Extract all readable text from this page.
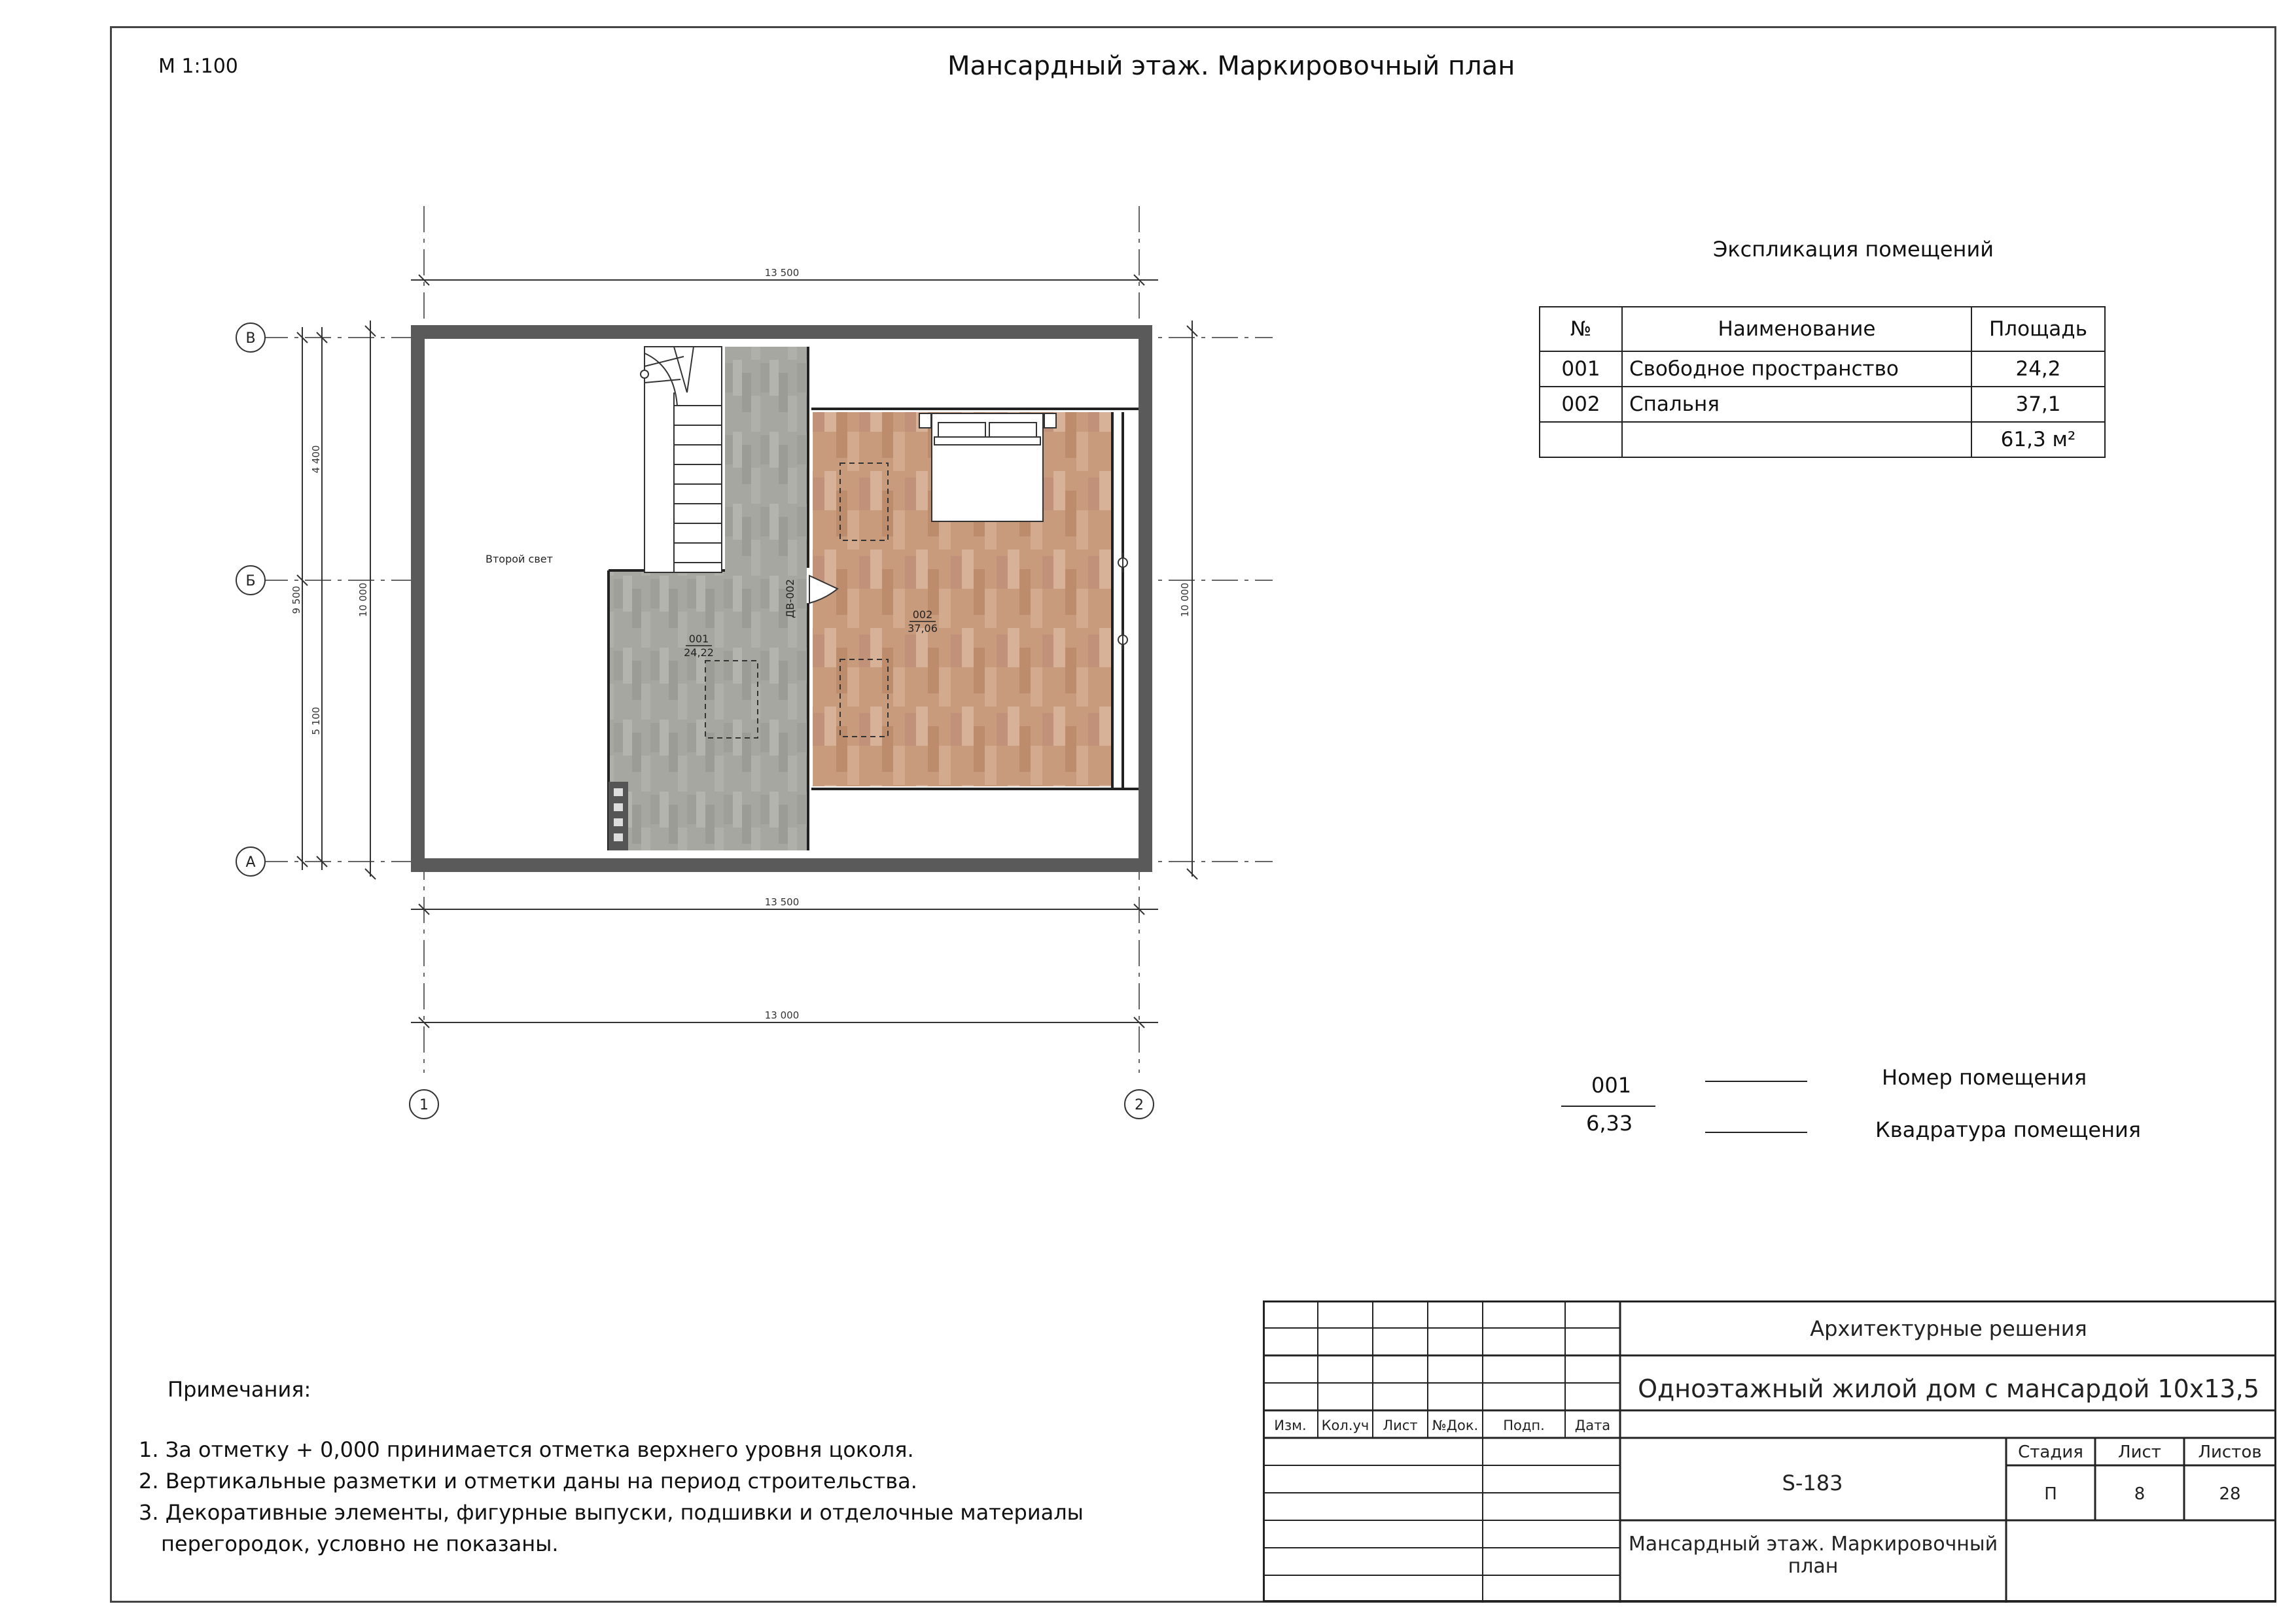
М 1:100	Мансардный этаж. Маркировочный план
13 500
13 500
13 000
4 400
5 100
9 500	10 000	10 000
Второй свет
ДВ-002
001
24,22
002
37,06
В
Б
А
1	2
Экспликация помещений
№	Наименование	Площадь
001	Свободное пространство	24,2
002	Спальня	37,1
		61,3 м²
001
6,33
Номер помещения
Квадратура помещения
Примечания:
1. За отметку + 0,000 принимается отметка верхнего уровня цоколя.
2. Вертикальные разметки и отметки даны на период строительства.
3. Декоративные элементы, фигурные выпуски, подшивки и отделочные материалы
перегородок, условно не показаны.
Изм. Кол.уч Лист №Док. Подп. Дата
Архитектурные решения
Одноэтажный жилой дом с мансардой 10х13,5
S-183
Стадия Лист Листов
П	8	28
Мансардный этаж. Маркировочный план
